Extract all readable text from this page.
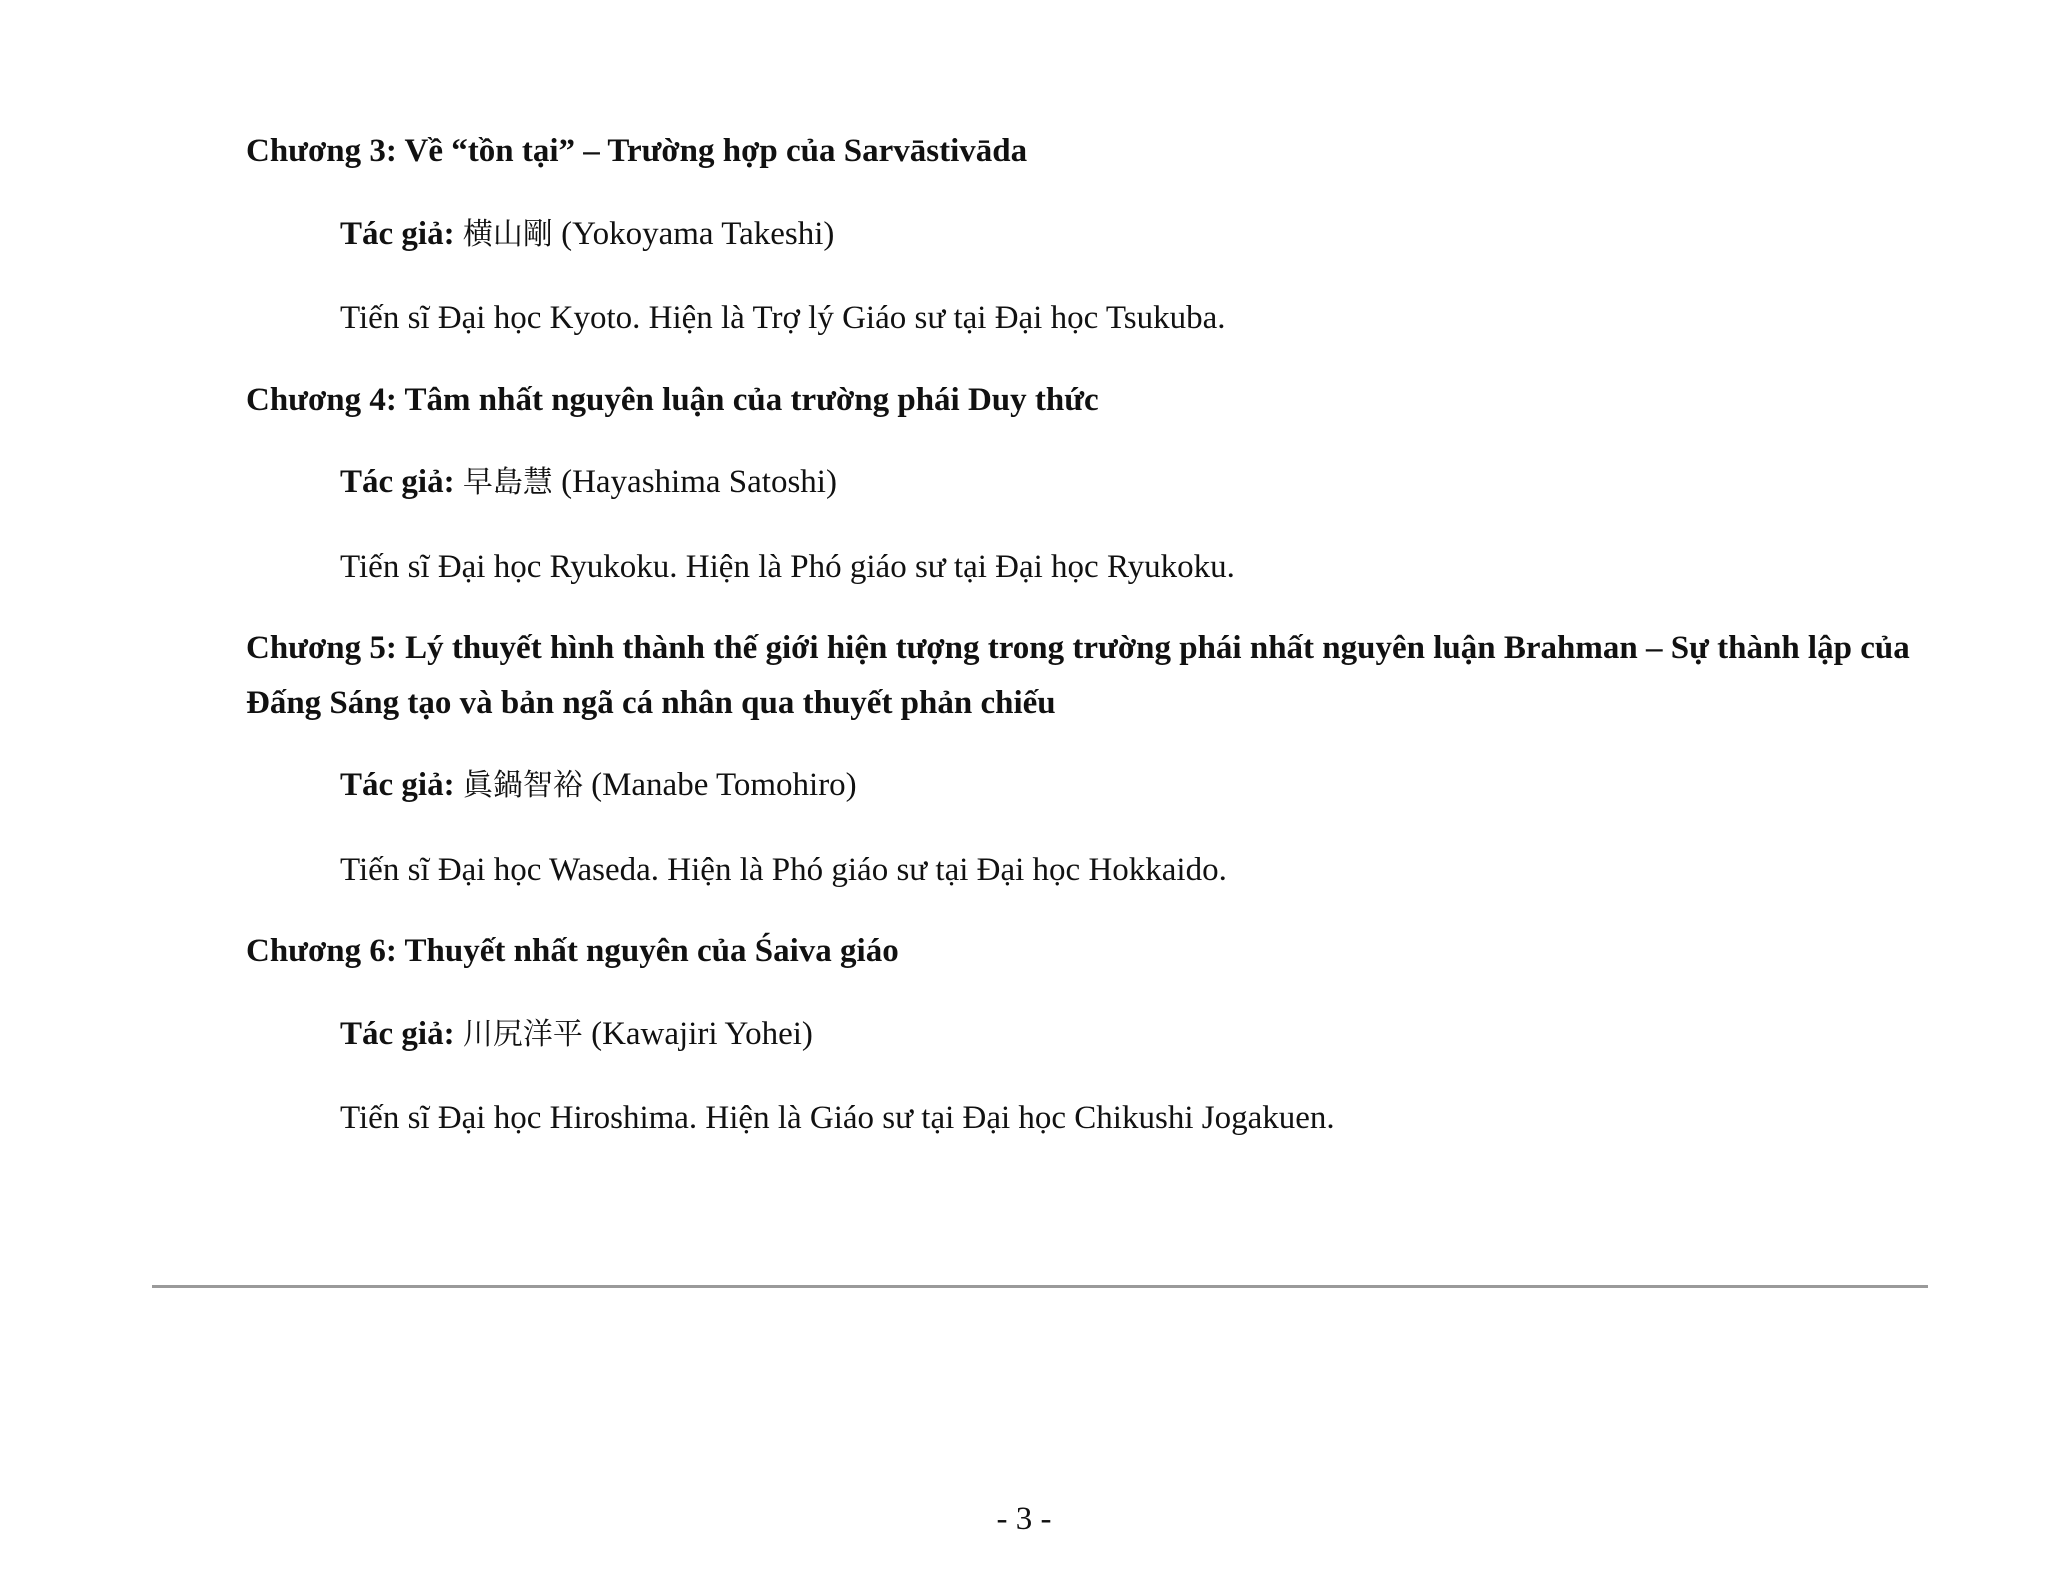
Chương 3: Về “tồn tại” – Trường hợp của Sarvāstivāda

Tác giả: 横山剛 (Yokoyama Takeshi)

Tiến sĩ Đại học Kyoto. Hiện là Trợ lý Giáo sư tại Đại học Tsukuba.

Chương 4: Tâm nhất nguyên luận của trường phái Duy thức

Tác giả: 早島慧 (Hayashima Satoshi)

Tiến sĩ Đại học Ryukoku. Hiện là Phó giáo sư tại Đại học Ryukoku.

Chương 5: Lý thuyết hình thành thế giới hiện tượng trong trường phái nhất nguyên luận Brahman – Sự thành lập của Đấng Sáng tạo và bản ngã cá nhân qua thuyết phản chiếu

Tác giả: 眞鍋智裕 (Manabe Tomohiro)

Tiến sĩ Đại học Waseda. Hiện là Phó giáo sư tại Đại học Hokkaido.

Chương 6: Thuyết nhất nguyên của Śaiva giáo

Tác giả: 川尻洋平 (Kawajiri Yohei)

Tiến sĩ Đại học Hiroshima. Hiện là Giáo sư tại Đại học Chikushi Jogakuen.

- 3 -
